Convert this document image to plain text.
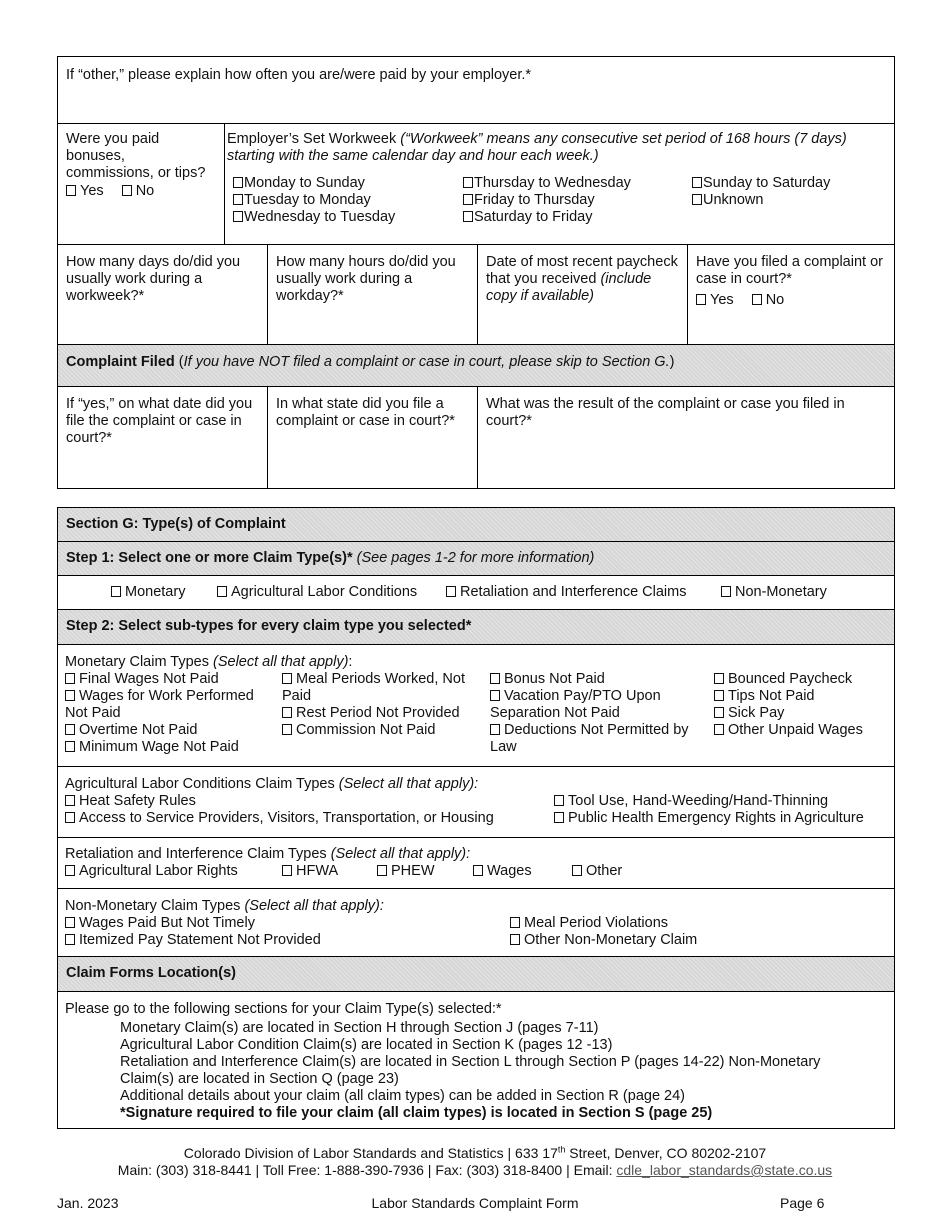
If “other,” please explain how often you are/were paid by your employer.*
Were you paid bonuses, commissions, or tips?
Yes No
Employer’s Set Workweek (“Workweek” means any consecutive set period of 168 hours (7 days) starting with the same calendar day and hour each week.)
Monday to Sunday
Tuesday to Monday
Wednesday to Tuesday
Thursday to Wednesday
Friday to Thursday
Saturday to Friday
Sunday to Saturday
Unknown
How many days do/did you usually work during a workweek?*
How many hours do/did you usually work during a workday?*
Date of most recent paycheck that you received (include copy if available)
Have you filed a complaint or case in court?*
Yes No
Complaint Filed (If you have NOT filed a complaint or case in court, please skip to Section G.)
If “yes,” on what date did you file the complaint or case in court?*
In what state did you file a complaint or case in court?*
What was the result of the complaint or case you filed in court?*
Section G: Type(s) of Complaint
Step 1: Select one or more Claim Type(s)* (See pages 1-2 for more information)
Monetary	Agricultural Labor Conditions	Retaliation and Interference Claims	Non-Monetary
Step 2: Select sub-types for every claim type you selected*
Monetary Claim Types (Select all that apply):
Final Wages Not Paid
Wages for Work Performed Not Paid
Overtime Not Paid
Minimum Wage Not Paid
Meal Periods Worked, Not Paid
Rest Period Not Provided
Commission Not Paid
Bonus Not Paid
Vacation Pay/PTO Upon Separation Not Paid
Deductions Not Permitted by Law
Bounced Paycheck
Tips Not Paid
Sick Pay
Other Unpaid Wages
Agricultural Labor Conditions Claim Types (Select all that apply):
Heat Safety Rules
Access to Service Providers, Visitors, Transportation, or Housing
Tool Use, Hand-Weeding/Hand-Thinning
Public Health Emergency Rights in Agriculture
Retaliation and Interference Claim Types (Select all that apply):
Agricultural Labor Rights	HFWA	PHEW	Wages	Other
Non-Monetary Claim Types (Select all that apply):
Wages Paid But Not Timely
Itemized Pay Statement Not Provided
Meal Period Violations
Other Non-Monetary Claim
Claim Forms Location(s)
Please go to the following sections for your Claim Type(s) selected:*
Monetary Claim(s) are located in Section H through Section J (pages 7-11)
Agricultural Labor Condition Claim(s) are located in Section K (pages 12 -13)
Retaliation and Interference Claim(s) are located in Section L through Section P (pages 14-22) Non-Monetary
Claim(s) are located in Section Q (page 23)
Additional details about your claim (all claim types) can be added in Section R (page 24)
*Signature required to file your claim (all claim types) is located in Section S (page 25)
Colorado Division of Labor Standards and Statistics | 633 17th Street, Denver, CO 80202-2107
Main: (303) 318-8441 | Toll Free: 1-888-390-7936 | Fax: (303) 318-8400 | Email: cdle_labor_standards@state.co.us
Jan. 2023	Labor Standards Complaint Form	Page 6
